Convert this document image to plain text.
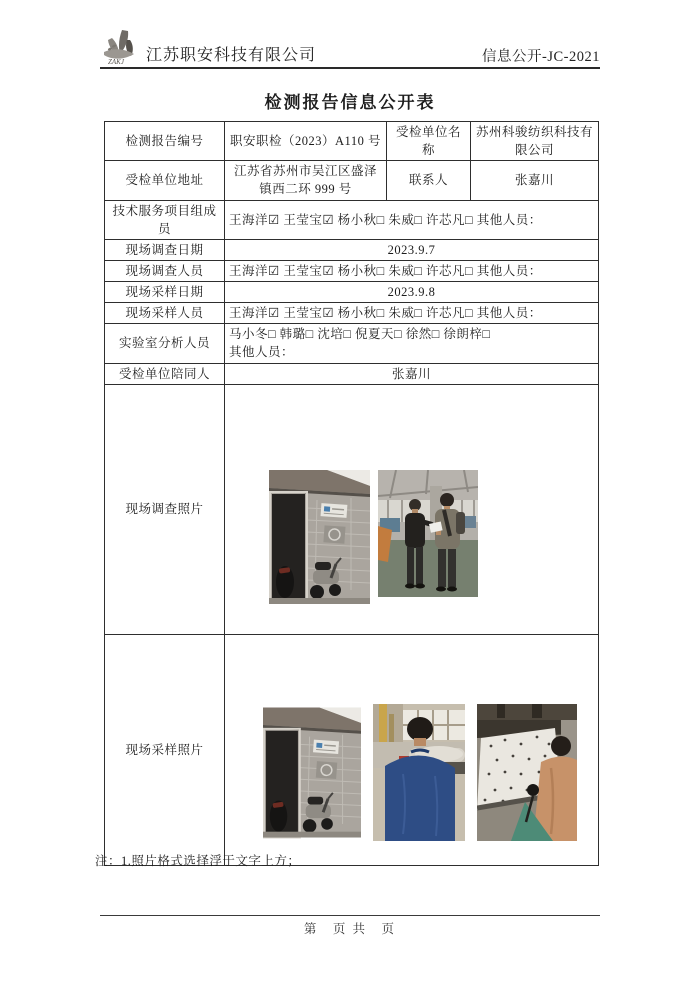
ZAKJ 江苏职安科技有限公司	信息公开-JC-2021
检测报告信息公开表
检测报告编号	职安职检（2023）A110 号	受检单位名称	苏州科骏纺织科技有限公司
受检单位地址	江苏省苏州市吴江区盛泽镇西二环 999 号	联系人	张嘉川
技术服务项目组成员	王海洋☑ 王莹宝☑ 杨小秋□ 朱威□ 许芯凡□ 其他人员：		
现场调查日期	2023.9.7		
现场调查人员	王海洋☑ 王莹宝☑ 杨小秋□ 朱威□ 许芯凡□ 其他人员：		
现场采样日期	2023.9.8		
现场采样人员	王海洋☑ 王莹宝☑ 杨小秋□ 朱威□ 许芯凡□ 其他人员：		
实验室分析人员	马小冬□ 韩璐□ 沈培□ 倪夏天□ 徐然□ 徐朗梓□
其他人员：		

受检单位陪同人	张嘉川		
现场调查照片	

现场采样照片	
注：1.照片格式选择浮于文字上方；
第　页 共　页
